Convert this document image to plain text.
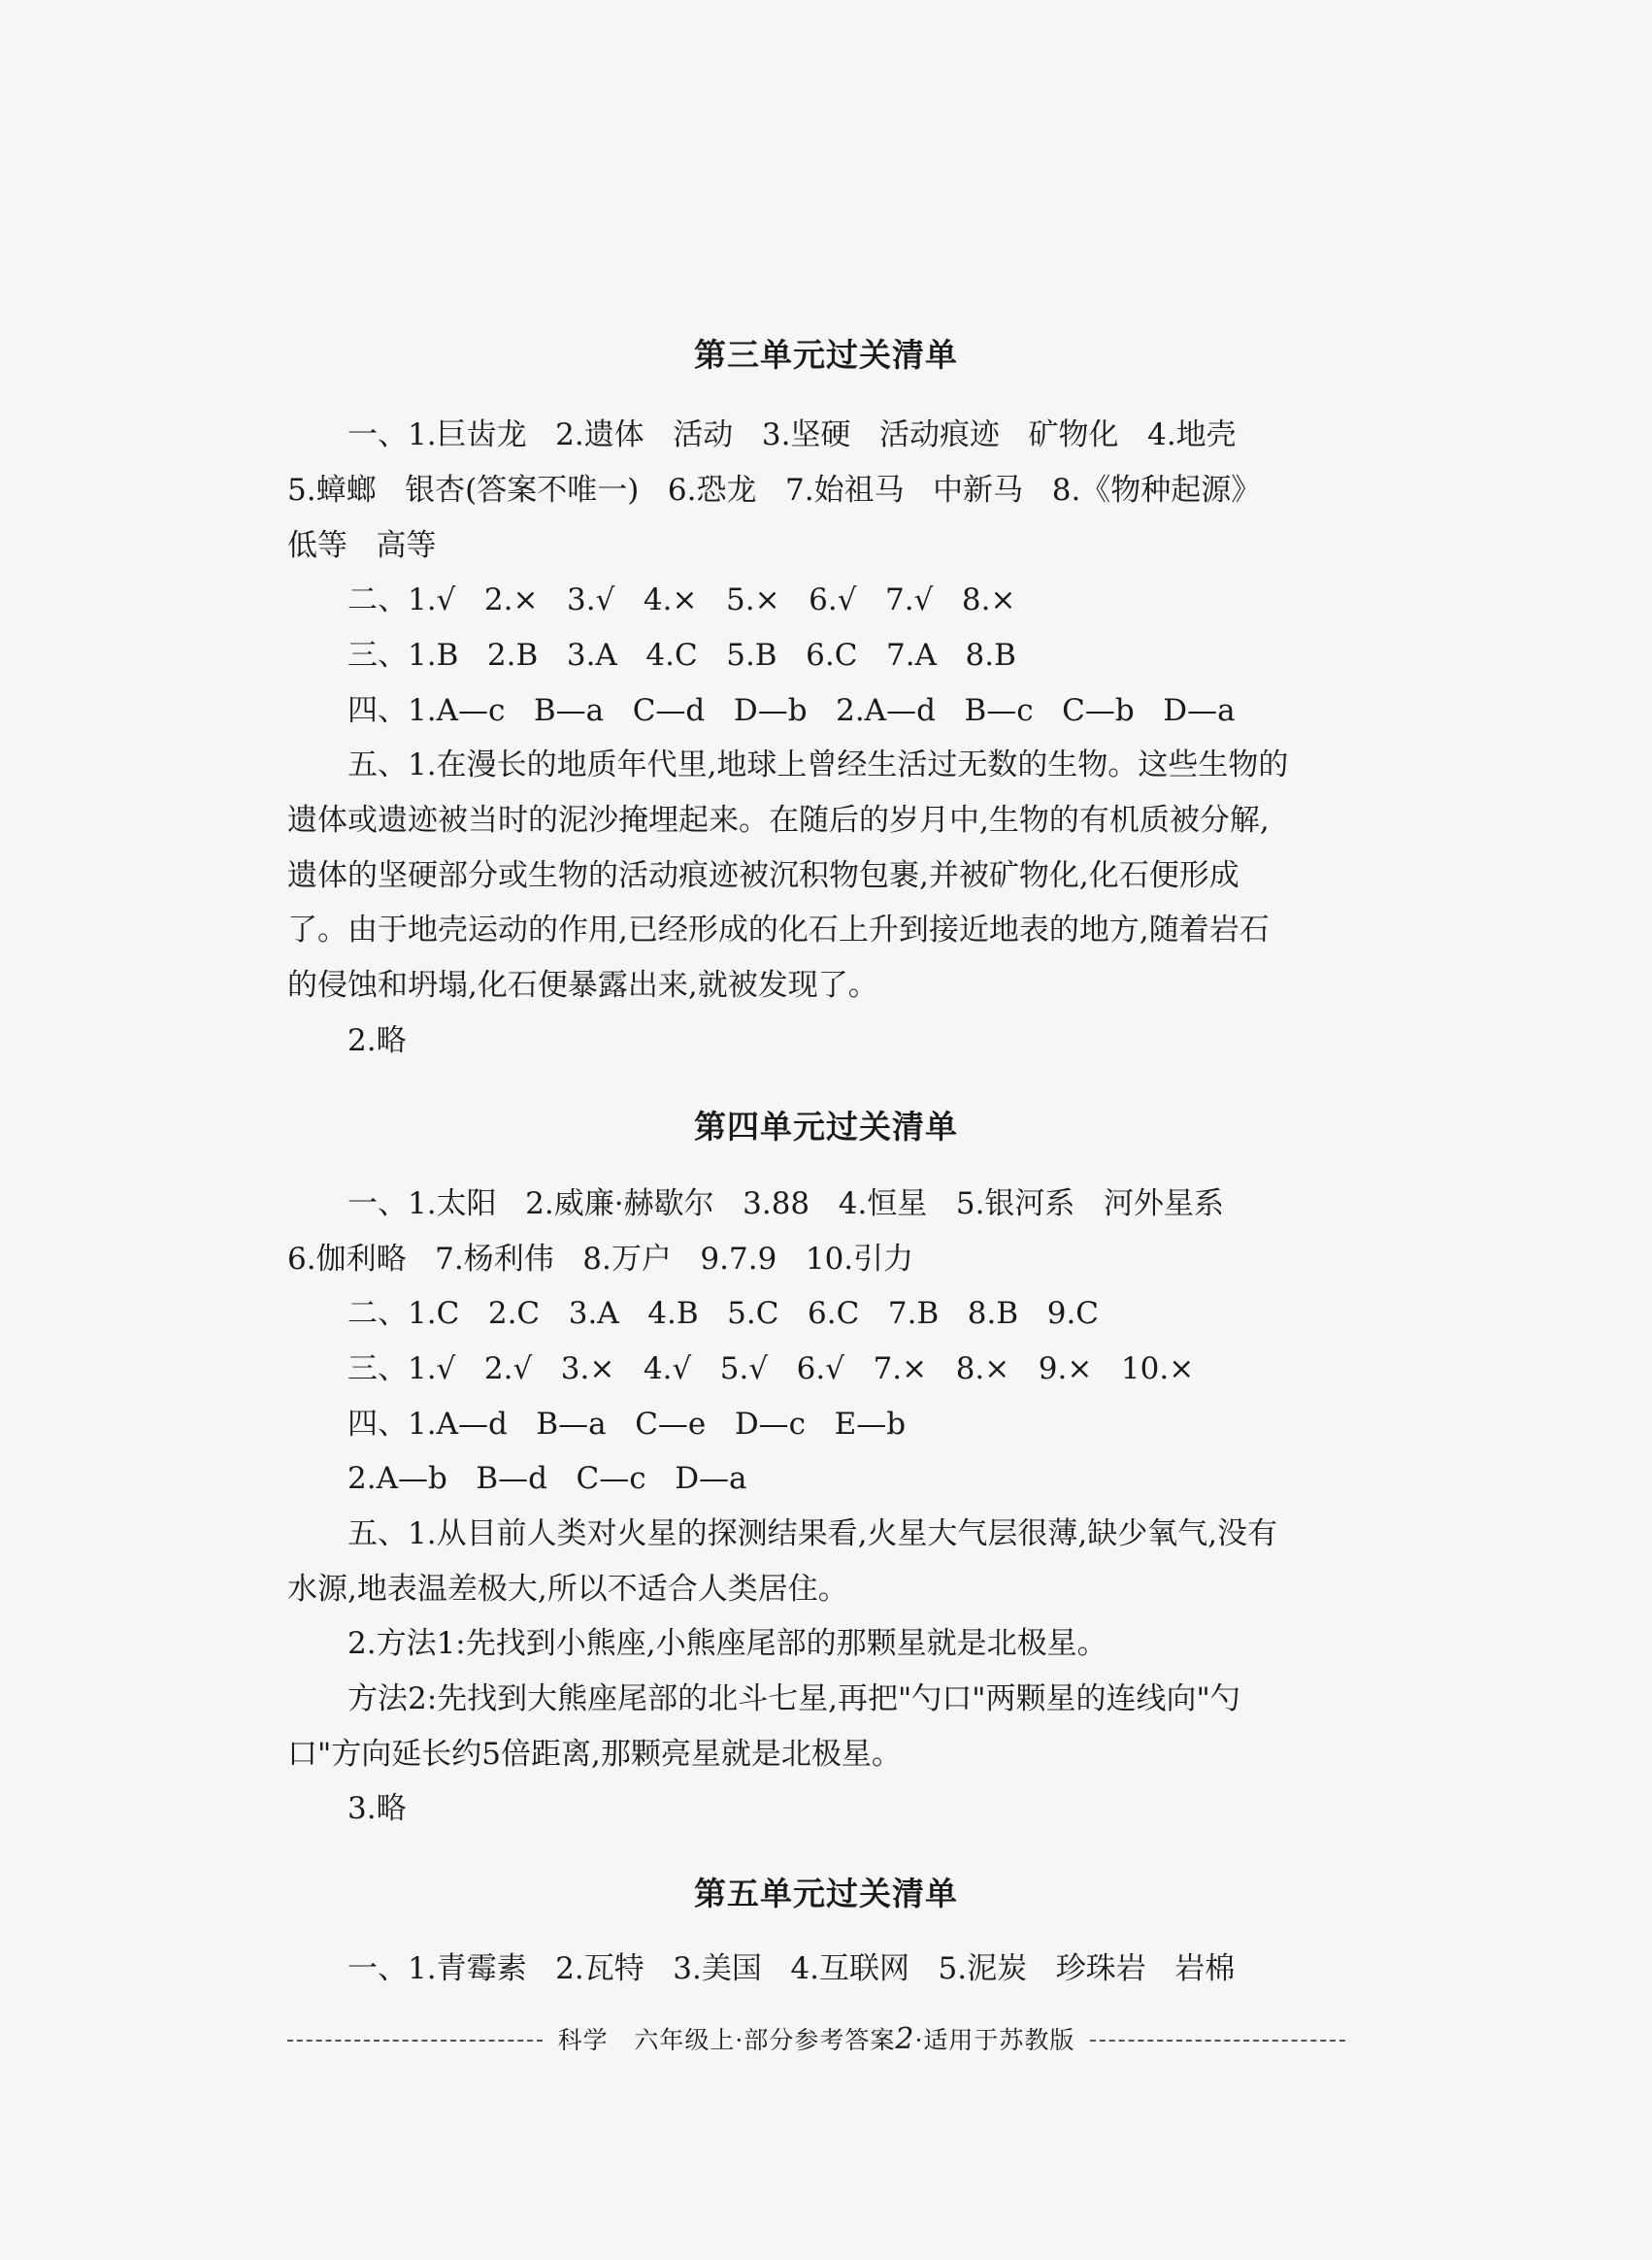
第三单元过关清单
一、1.巨齿龙   2.遗体   活动   3.坚硬   活动痕迹   矿物化   4.地壳
5.蟑螂   银杏(答案不唯一)   6.恐龙   7.始祖马   中新马   8.《物种起源》
低等   高等
二、1.√   2.×   3.√   4.×   5.×   6.√   7.√   8.×
三、1.B   2.B   3.A   4.C   5.B   6.C   7.A   8.B
四、1.A—c   B—a   C—d   D—b   2.A—d   B—c   C—b   D—a
五、1.在漫长的地质年代里,地球上曾经生活过无数的生物。这些生物的
遗体或遗迹被当时的泥沙掩埋起来。在随后的岁月中,生物的有机质被分解,
遗体的坚硬部分或生物的活动痕迹被沉积物包裹,并被矿物化,化石便形成
了。由于地壳运动的作用,已经形成的化石上升到接近地表的地方,随着岩石
的侵蚀和坍塌,化石便暴露出来,就被发现了。
2.略
第四单元过关清单
一、1.太阳   2.威廉·赫歇尔   3.88   4.恒星   5.银河系   河外星系
6.伽利略   7.杨利伟   8.万户   9.7.9   10.引力
二、1.C   2.C   3.A   4.B   5.C   6.C   7.B   8.B   9.C
三、1.√   2.√   3.×   4.√   5.√   6.√   7.×   8.×   9.×   10.×
四、1.A—d   B—a   C—e   D—c   E—b
2.A—b   B—d   C—c   D—a
五、1.从目前人类对火星的探测结果看,火星大气层很薄,缺少氧气,没有
水源,地表温差极大,所以不适合人类居住。
2.方法1:先找到小熊座,小熊座尾部的那颗星就是北极星。
方法2:先找到大熊座尾部的北斗七星,再把"勺口"两颗星的连线向"勺
口"方向延长约5倍距离,那颗亮星就是北极星。
3.略
第五单元过关清单
一、1.青霉素   2.瓦特   3.美国   4.互联网   5.泥炭   珍珠岩   岩棉
科学   六年级上·部分参考答案2·适用于苏教版
